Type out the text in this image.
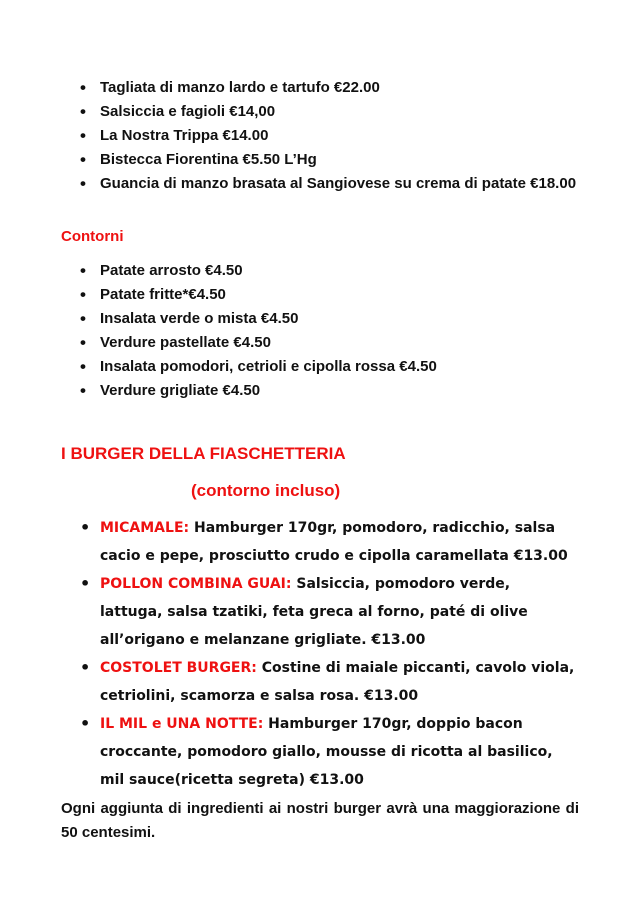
• Tagliata di manzo lardo e tartufo €22.00
• Salsiccia e fagioli €14,00
• La Nostra Trippa €14.00
• Bistecca Fiorentina €5.50 L’Hg
• Guancia di manzo brasata al Sangiovese su crema di patate €18.00
Contorni
• Patate arrosto €4.50
• Patate fritte*€4.50
• Insalata verde o mista €4.50
• Verdure pastellate €4.50
• Insalata pomodori, cetrioli e cipolla rossa €4.50
• Verdure grigliate €4.50
I BURGER DELLA FIASCHETTERIA
(contorno incluso)
• MICAMALE: Hamburger 170gr, pomodoro, radicchio, salsa cacio e pepe, prosciutto crudo e cipolla caramellata €13.00
• POLLON COMBINA GUAI: Salsiccia, pomodoro verde, lattuga, salsa tzatiki, feta greca al forno, paté di olive all’origano e melanzane grigliate. €13.00
• COSTOLET BURGER: Costine di maiale piccanti, cavolo viola, cetriolini, scamorza e salsa rosa. €13.00
• IL MIL e UNA NOTTE: Hamburger 170gr, doppio bacon croccante, pomodoro giallo, mousse di ricotta al basilico, mil sauce(ricetta segreta) €13.00
Ogni aggiunta di ingredienti ai nostri burger avrà una maggiorazione di 50 centesimi.
